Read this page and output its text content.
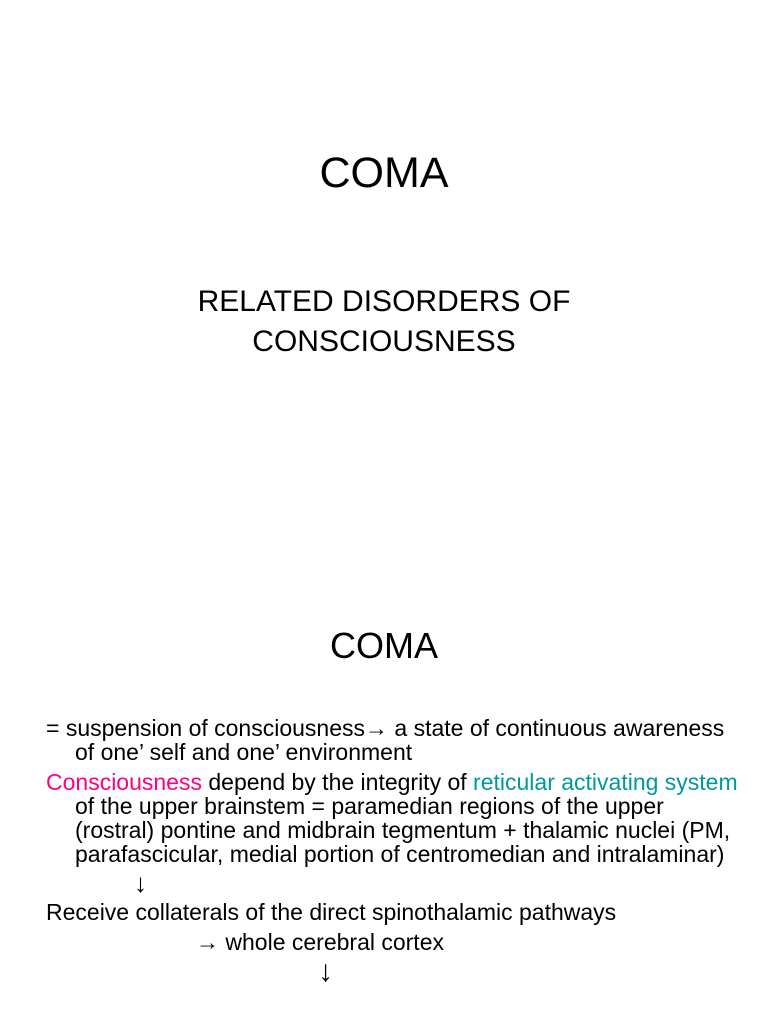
COMA
RELATED DISORDERS OF
CONSCIOUSNESS
COMA

= suspension of consciousness→ a state of continuous awareness of one’ self and one’ environment

Consciousness depend by the integrity of reticular activating system of the upper brainstem = paramedian regions of the upper (rostral) pontine and midbrain tegmentum + thalamic nuclei (PM, parafascicular, medial portion of centromedian and intralaminar)

↓

Receive collaterals of the direct spinothalamic pathways

→ whole cerebral cortex

↓
